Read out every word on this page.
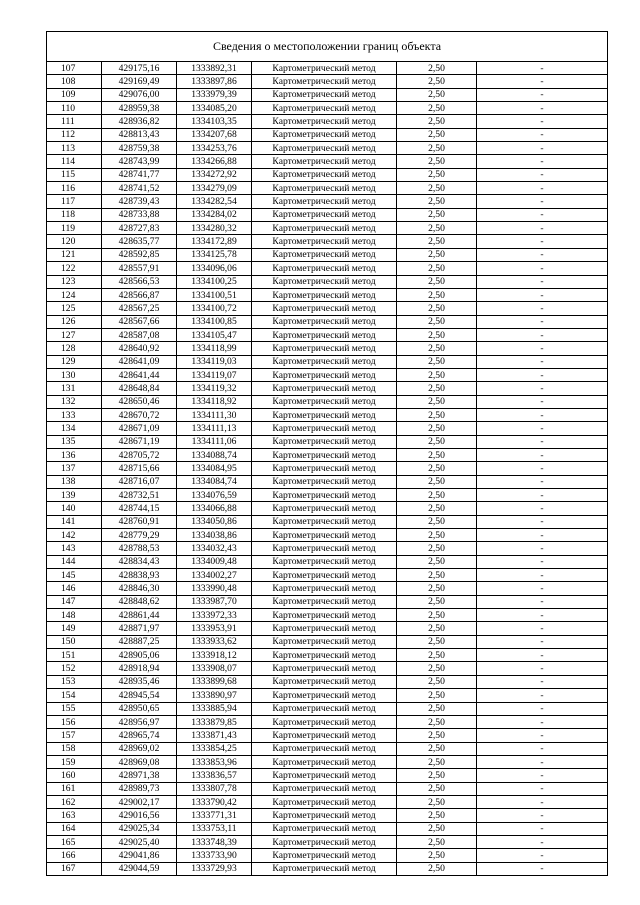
Сведения о местоположении границ объекта
107	429175,16	1333892,31	Картометрический метод	2,50	-
108	429169,49	1333897,86	Картометрический метод	2,50	-
109	429076,00	1333979,39	Картометрический метод	2,50	-
110	428959,38	1334085,20	Картометрический метод	2,50	-
111	428936,82	1334103,35	Картометрический метод	2,50	-
112	428813,43	1334207,68	Картометрический метод	2,50	-
113	428759,38	1334253,76	Картометрический метод	2,50	-
114	428743,99	1334266,88	Картометрический метод	2,50	-
115	428741,77	1334272,92	Картометрический метод	2,50	-
116	428741,52	1334279,09	Картометрический метод	2,50	-
117	428739,43	1334282,54	Картометрический метод	2,50	-
118	428733,88	1334284,02	Картометрический метод	2,50	-
119	428727,83	1334280,32	Картометрический метод	2,50	-
120	428635,77	1334172,89	Картометрический метод	2,50	-
121	428592,85	1334125,78	Картометрический метод	2,50	-
122	428557,91	1334096,06	Картометрический метод	2,50	-
123	428566,53	1334100,25	Картометрический метод	2,50	-
124	428566,87	1334100,51	Картометрический метод	2,50	-
125	428567,25	1334100,72	Картометрический метод	2,50	-
126	428567,66	1334100,85	Картометрический метод	2,50	-
127	428587,08	1334105,47	Картометрический метод	2,50	-
128	428640,92	1334118,99	Картометрический метод	2,50	-
129	428641,09	1334119,03	Картометрический метод	2,50	-
130	428641,44	1334119,07	Картометрический метод	2,50	-
131	428648,84	1334119,32	Картометрический метод	2,50	-
132	428650,46	1334118,92	Картометрический метод	2,50	-
133	428670,72	1334111,30	Картометрический метод	2,50	-
134	428671,09	1334111,13	Картометрический метод	2,50	-
135	428671,19	1334111,06	Картометрический метод	2,50	-
136	428705,72	1334088,74	Картометрический метод	2,50	-
137	428715,66	1334084,95	Картометрический метод	2,50	-
138	428716,07	1334084,74	Картометрический метод	2,50	-
139	428732,51	1334076,59	Картометрический метод	2,50	-
140	428744,15	1334066,88	Картометрический метод	2,50	-
141	428760,91	1334050,86	Картометрический метод	2,50	-
142	428779,29	1334038,86	Картометрический метод	2,50	-
143	428788,53	1334032,43	Картометрический метод	2,50	-
144	428834,43	1334009,48	Картометрический метод	2,50	-
145	428838,93	1334002,27	Картометрический метод	2,50	-
146	428846,30	1333990,48	Картометрический метод	2,50	-
147	428848,62	1333987,70	Картометрический метод	2,50	-
148	428861,44	1333972,33	Картометрический метод	2,50	-
149	428871,97	1333953,91	Картометрический метод	2,50	-
150	428887,25	1333933,62	Картометрический метод	2,50	-
151	428905,06	1333918,12	Картометрический метод	2,50	-
152	428918,94	1333908,07	Картометрический метод	2,50	-
153	428935,46	1333899,68	Картометрический метод	2,50	-
154	428945,54	1333890,97	Картометрический метод	2,50	-
155	428950,65	1333885,94	Картометрический метод	2,50	-
156	428956,97	1333879,85	Картометрический метод	2,50	-
157	428965,74	1333871,43	Картометрический метод	2,50	-
158	428969,02	1333854,25	Картометрический метод	2,50	-
159	428969,08	1333853,96	Картометрический метод	2,50	-
160	428971,38	1333836,57	Картометрический метод	2,50	-
161	428989,73	1333807,78	Картометрический метод	2,50	-
162	429002,17	1333790,42	Картометрический метод	2,50	-
163	429016,56	1333771,31	Картометрический метод	2,50	-
164	429025,34	1333753,11	Картометрический метод	2,50	-
165	429025,40	1333748,39	Картометрический метод	2,50	-
166	429041,86	1333733,90	Картометрический метод	2,50	-
167	429044,59	1333729,93	Картометрический метод	2,50	-
